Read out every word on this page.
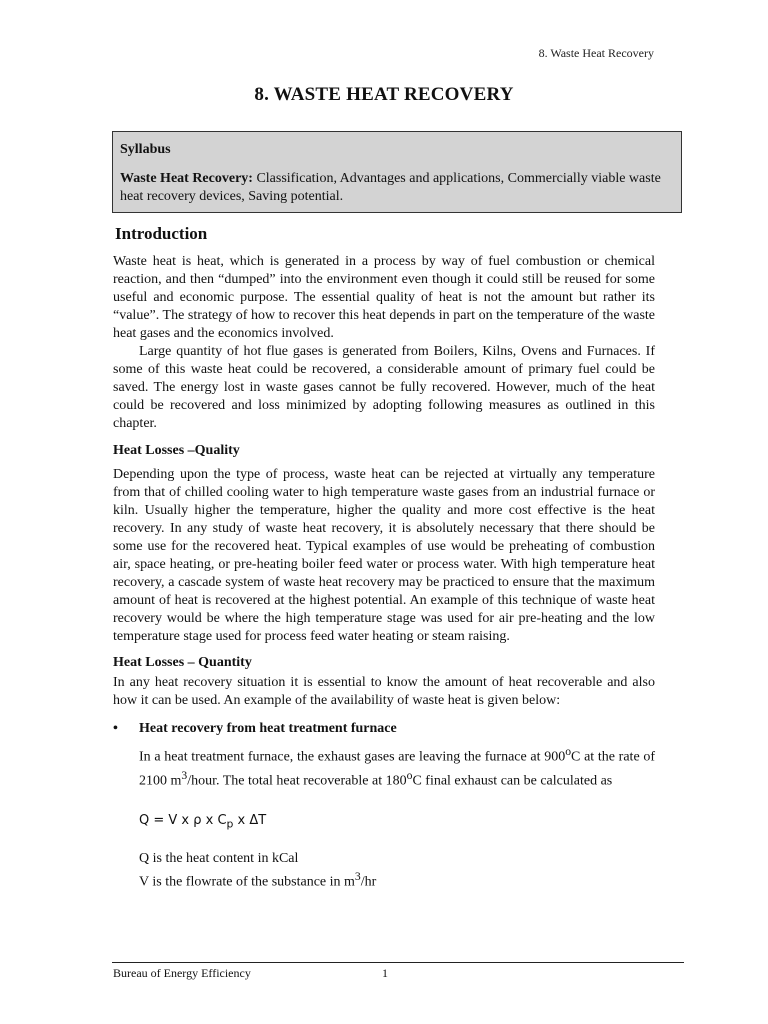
8. Waste Heat Recovery
8. WASTE HEAT RECOVERY
Syllabus
Waste Heat Recovery: Classification, Advantages and applications, Commercially viable waste heat recovery devices, Saving potential.
Introduction

Waste heat is heat, which is generated in a process by way of fuel combustion or chemical reaction, and then “dumped” into the environment even though it could still be reused for some useful and economic purpose. The essential quality of heat is not the amount but rather its “value”. The strategy of how to recover this heat depends in part on the temperature of the waste heat gases and the economics involved.

Large quantity of hot flue gases is generated from Boilers, Kilns, Ovens and Furnaces. If some of this waste heat could be recovered, a considerable amount of primary fuel could be saved. The energy lost in waste gases cannot be fully recovered. However, much of the heat could be recovered and loss minimized by adopting following measures as outlined in this chapter.

Heat Losses –Quality

Depending upon the type of process, waste heat can be rejected at virtually any temperature from that of chilled cooling water to high temperature waste gases from an industrial furnace or kiln. Usually higher the temperature, higher the quality and more cost effective is the heat recovery. In any study of waste heat recovery, it is absolutely necessary that there should be some use for the recovered heat. Typical examples of use would be preheating of combustion air, space heating, or pre-heating boiler feed water or process water. With high temperature heat recovery, a cascade system of waste heat recovery may be practiced to ensure that the maximum amount of heat is recovered at the highest potential. An example of this technique of waste heat recovery would be where the high temperature stage was used for air pre-heating and the low temperature stage used for process feed water heating or steam raising.

Heat Losses – Quantity

In any heat recovery situation it is essential to know the amount of heat recoverable and also how it can be used. An example of the availability of waste heat is given below:

•	Heat recovery from heat treatment furnace

In a heat treatment furnace, the exhaust gases are leaving the furnace at 900$^o$C at the rate of 2100 $m^3$/hour. The total heat recoverable at 180$^o$C final exhaust can be calculated as

Q = V x ρ x $C_p$ x ΔT
Q is the heat content in kCal
V is the flowrate of the substance in $m^3/hr$
Bureau of Energy Efficiency	1
